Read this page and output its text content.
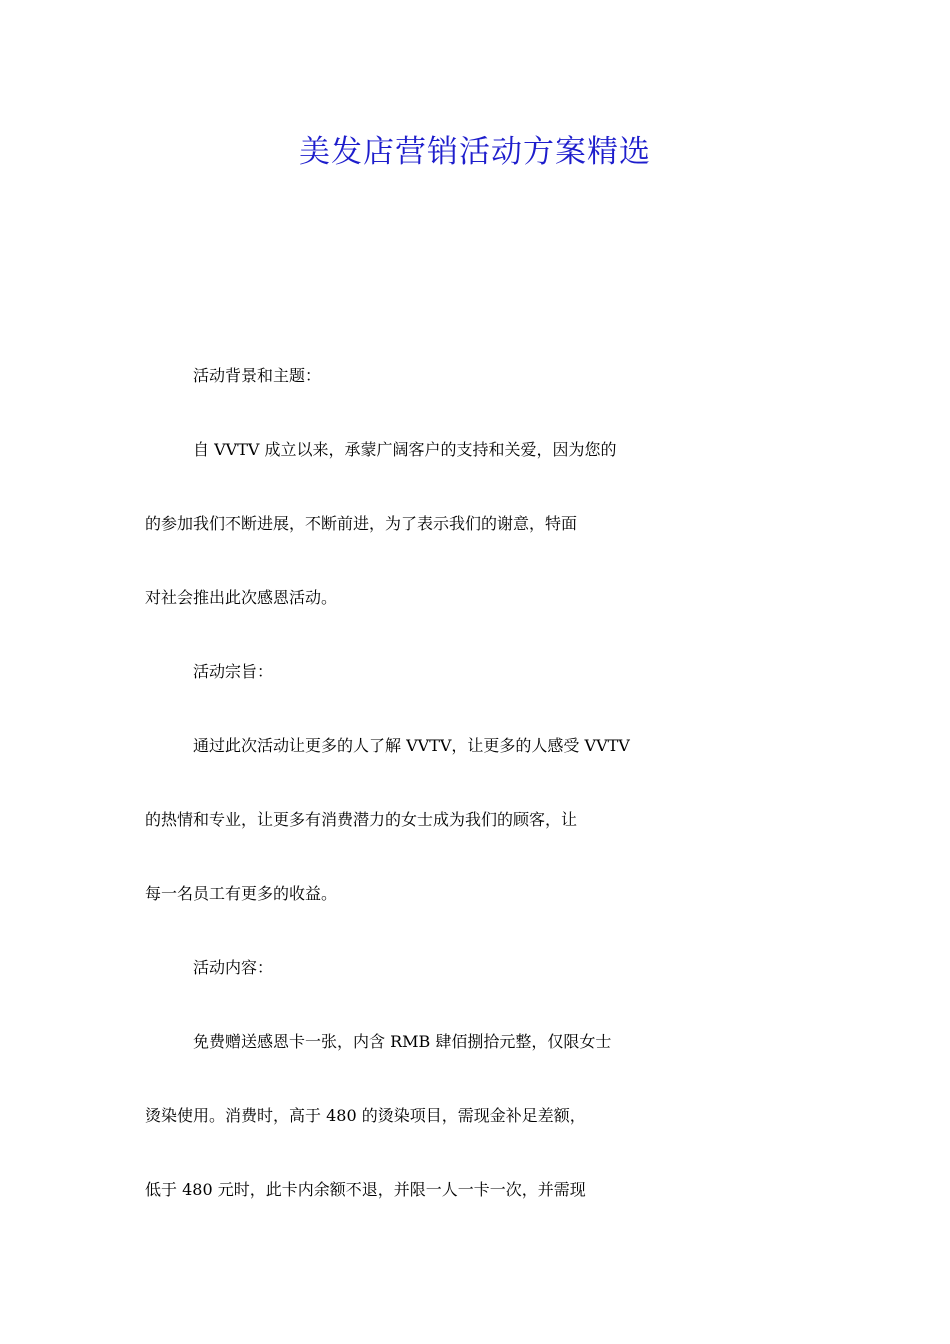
美发店营销活动方案精选
活动背景和主题：
自 VVTV 成立以来，承蒙广阔客户的支持和关爱，因为您的
的参加我们不断进展，不断前进，为了表示我们的谢意，特面
对社会推出此次感恩活动。
活动宗旨：
通过此次活动让更多的人了解 VVTV，让更多的人感受 VVTV
的热情和专业，让更多有消费潜力的女士成为我们的顾客，让
每一名员工有更多的收益。
活动内容：
免费赠送感恩卡一张，内含 RMB 肆佰捌拾元整，仅限女士
烫染使用。消费时，高于 480 的烫染项目，需现金补足差额，
低于 480 元时，此卡内余额不退，并限一人一卡一次，并需现
